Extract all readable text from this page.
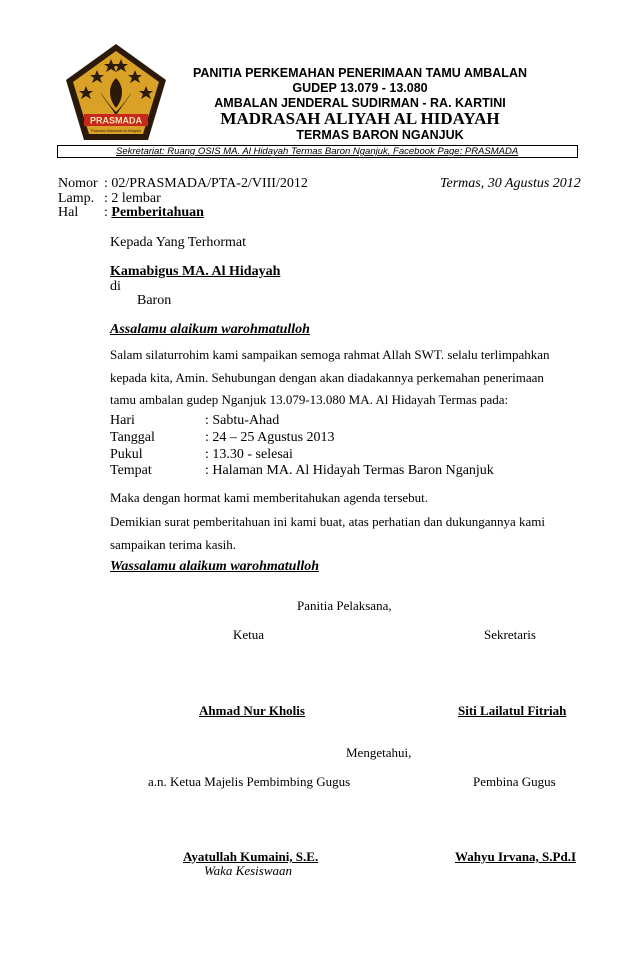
PRASMADA
Pramuka Madrasah Al Hidayah
PANITIA PERKEMAHAN PENERIMAAN TAMU AMBALAN
GUDEP 13.079 - 13.080
AMBALAN JENDERAL SUDIRMAN - RA. KARTINI
MADRASAH ALIYAH AL HIDAYAH
TERMAS BARON NGANJUK
Sekretariat: Ruang OSIS MA. Al Hidayah Termas Baron Nganjuk, Facebook Page: PRASMADA
Nomor : 02/PRASMADA/PTA-2/VIII/2012	Termas, 30 Agustus 2012
Lamp. : 2 lembar
Hal : Pemberitahuan
Kepada Yang Terhormat
Kamabigus MA. Al Hidayah
di
Baron
Assalamu alaikum warohmatulloh
Salam silaturrohim kami sampaikan semoga rahmat Allah SWT. selalu terlimpahkan
kepada kita, Amin. Sehubungan dengan akan diadakannya perkemahan penerimaan
tamu ambalan gudep Nganjuk 13.079-13.080 MA. Al Hidayah Termas pada:
Hari	: Sabtu-Ahad
Tanggal	: 24 – 25 Agustus 2013
Pukul	: 13.30 - selesai
Tempat	: Halaman MA. Al Hidayah Termas Baron Nganjuk
Maka dengan hormat kami memberitahukan agenda tersebut.
Demikian surat pemberitahuan ini kami buat, atas perhatian dan dukungannya kami
sampaikan terima kasih.
Wassalamu alaikum warohmatulloh
Panitia Pelaksana,
Ketua	Sekretaris
Ahmad Nur Kholis	Siti Lailatul Fitriah
Mengetahui,
a.n. Ketua Majelis Pembimbing Gugus	Pembina Gugus
Ayatullah Kumaini, S.E.
Waka Kesiswaan
Wahyu Irvana, S.Pd.I
